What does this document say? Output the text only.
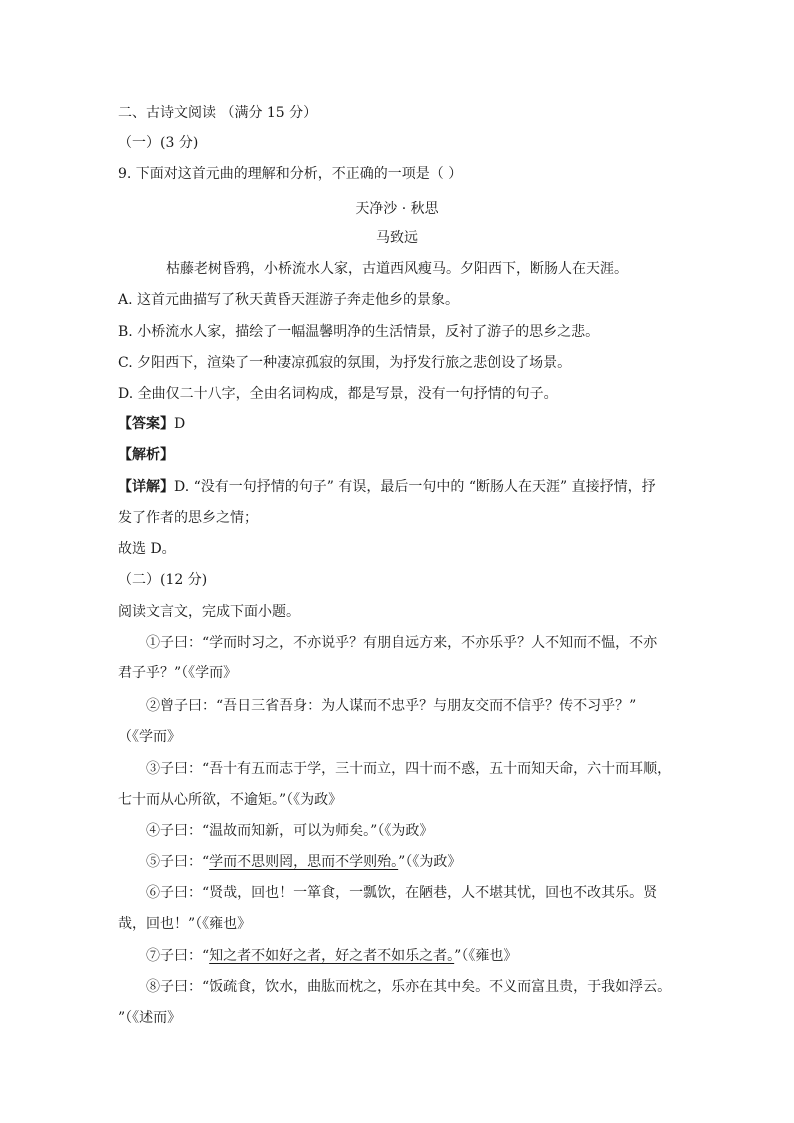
二、古诗文阅读 （满分 15 分）
（一）(3 分)
9. 下面对这首元曲的理解和分析，不正确的一项是（ ）
天净沙 · 秋思
马致远
枯藤老树昏鸦，小桥流水人家，古道西风瘦马。夕阳西下，断肠人在天涯。
A. 这首元曲描写了秋天黄昏天涯游子奔走他乡的景象。
B. 小桥流水人家，描绘了一幅温馨明净的生活情景，反衬了游子的思乡之悲。
C. 夕阳西下，渲染了一种凄凉孤寂的氛围，为抒发行旅之悲创设了场景。
D. 全曲仅二十八字，全由名词构成，都是写景，没有一句抒情的句子。
【答案】D
【解析】
【详解】D. “没有一句抒情的句子” 有误，最后一句中的 “断肠人在天涯” 直接抒情，抒
发了作者的思乡之情；
故选 D。
（二）(12 分)
阅读文言文，完成下面小题。
①子曰：“学而时习之，不亦说乎？有朋自远方来，不亦乐乎？人不知而不愠，不亦
君子乎？”（《学而》
②曾子曰：“吾日三省吾身：为人谋而不忠乎？与朋友交而不信乎？传不习乎？”
（《学而》
③子曰：“吾十有五而志于学，三十而立，四十而不惑，五十而知天命，六十而耳顺，
七十而从心所欲，不逾矩。”（《为政》
④子曰：“温故而知新，可以为师矣。”（《为政》
⑤子曰：“学而不思则罔，思而不学则殆。”（《为政》
⑥子曰：“贤哉，回也！一箪食，一瓢饮，在陋巷，人不堪其忧，回也不改其乐。贤
哉，回也！”（《雍也》
⑦子曰：“知之者不如好之者，好之者不如乐之者。”（《雍也》
⑧子曰：“饭疏食，饮水，曲肱而枕之，乐亦在其中矣。不义而富且贵，于我如浮云。
”（《述而》
